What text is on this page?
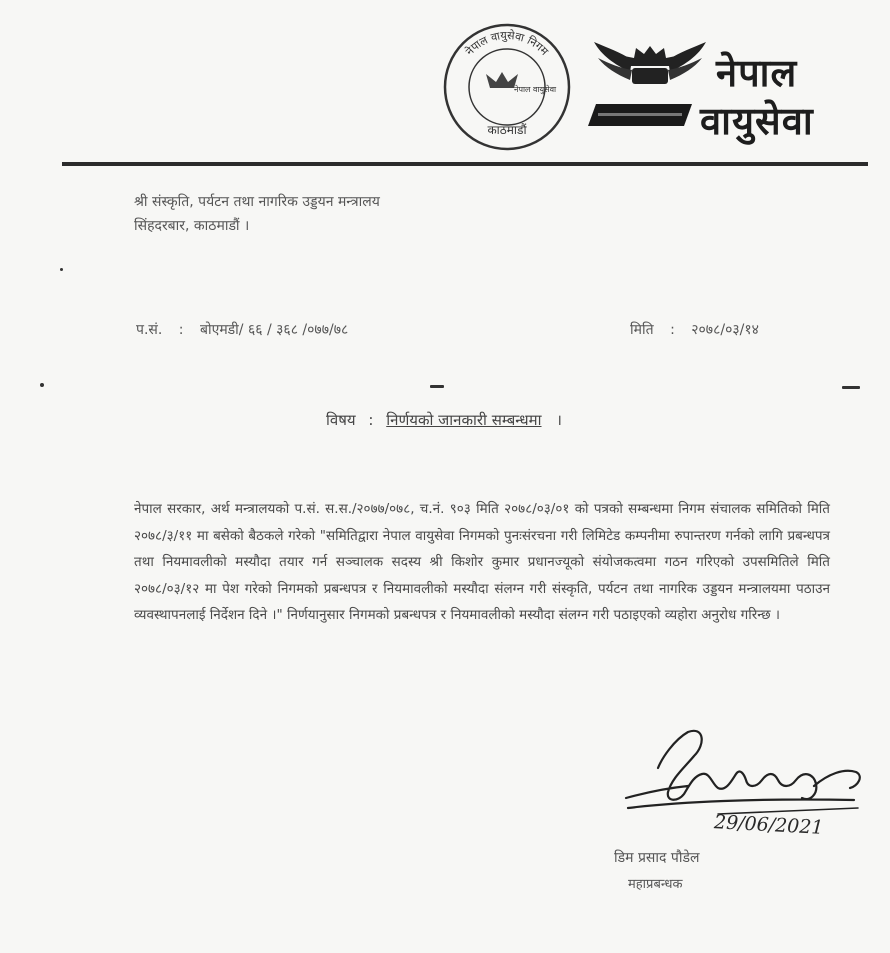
नेपाल वायुसेवा निगम
नेपाल वायुसेवा
काठमाडौं
नेपाल
वायुसेवा
श्री संस्कृति, पर्यटन तथा नागरिक उड्डयन मन्त्रालय
सिंहदरबार, काठमाडौं ।
प.सं. : बोएमडी/ ६६ / ३६८ /०७७/७८	मिति : २०७८/०३/१४
विषय : निर्णयको जानकारी सम्बन्धमा ।
नेपाल सरकार, अर्थ मन्त्रालयको प.सं. स.स./२०७७/०७८, च.नं. ९०३ मिति २०७८/०३/०१ को पत्रको सम्बन्धमा निगम संचालक समितिको मिति २०७८/३/११ मा बसेको बैठकले गरेको "समितिद्वारा नेपाल वायुसेवा निगमको पुनःसंरचना गरी लिमिटेड कम्पनीमा रुपान्तरण गर्नको लागि प्रबन्धपत्र तथा नियमावलीको मस्यौदा तयार गर्न सञ्चालक सदस्य श्री किशोर कुमार प्रधानज्यूको संयोजकत्वमा गठन गरिएको उपसमितिले मिति २०७८/०३/१२ मा पेश गरेको निगमको प्रबन्धपत्र र नियमावलीको मस्यौदा संलग्न गरी संस्कृति, पर्यटन तथा नागरिक उड्डयन मन्त्रालयमा पठाउन व्यवस्थापनलाई निर्देशन दिने ।" निर्णयानुसार निगमको प्रबन्धपत्र र नियमावलीको मस्यौदा संलग्न गरी पठाइएको व्यहोरा अनुरोध गरिन्छ ।
29/06/2021
डिम प्रसाद पौडेल
महाप्रबन्धक
